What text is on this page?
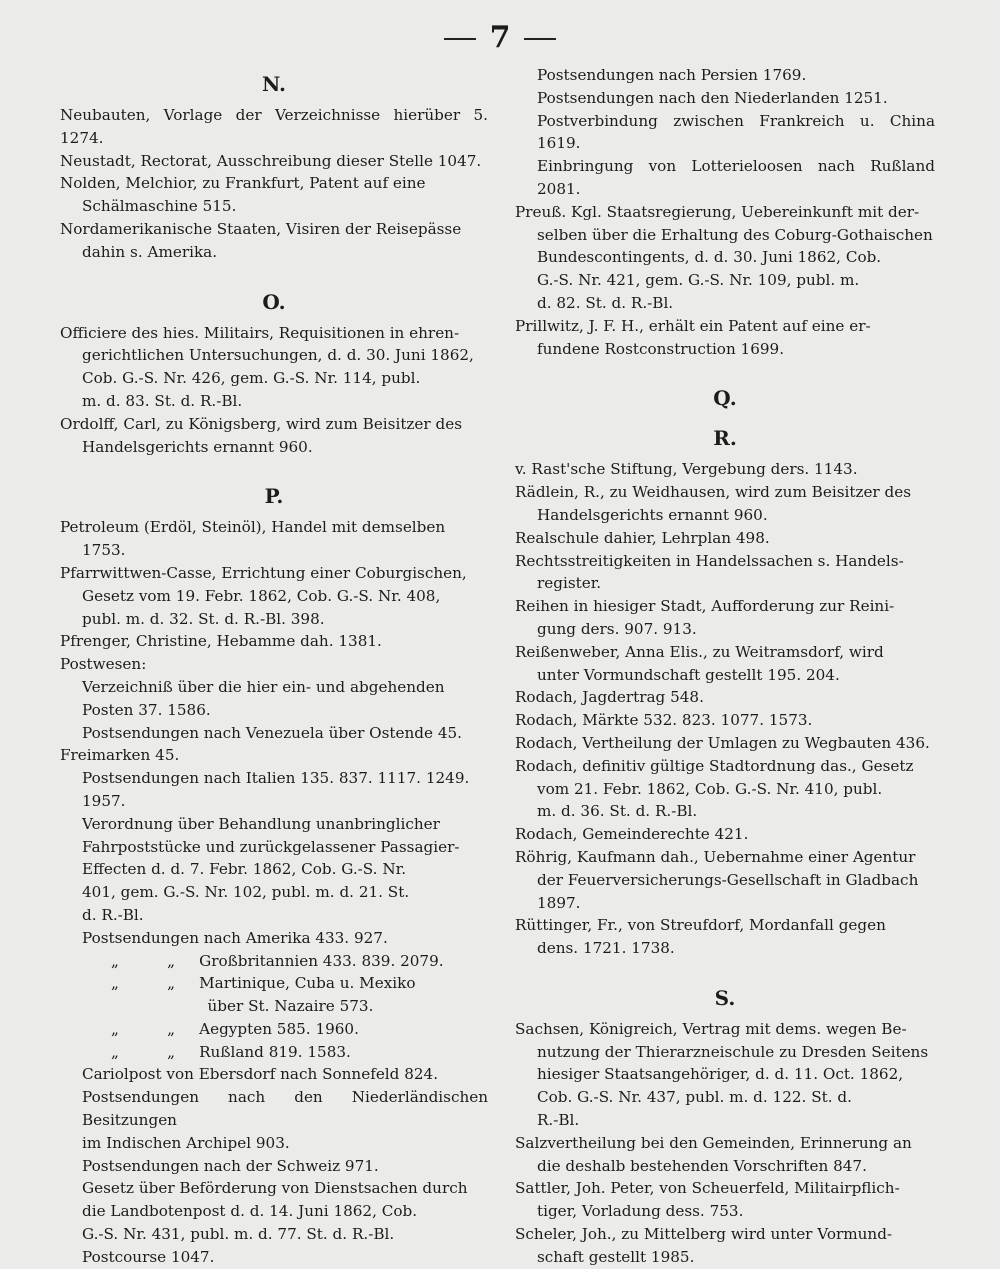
7
N.
Neubauten, Vorlage der Verzeichnisse hierüber 5. 1274.
Neustadt, Rectorat, Ausschreibung dieser Stelle 1047.
Nolden, Melchior, zu Frankfurt, Patent auf eine
Schälmaschine 515.
Nordamerikanische Staaten, Visiren der Reisepässe
dahin s. Amerika.
O.
Officiere des hies. Militairs, Requisitionen in ehren-
gerichtlichen Untersuchungen, d. d. 30. Juni 1862,
Cob. G.-S. Nr. 426, gem. G.-S. Nr. 114, publ.
m. d. 83. St. d. R.-Bl.
Ordolff, Carl, zu Königsberg, wird zum Beisitzer des
Handelsgerichts ernannt 960.
P.
Petroleum (Erdöl, Steinöl), Handel mit demselben
1753.
Pfarrwittwen-Casse, Errichtung einer Coburgischen,
Gesetz vom 19. Febr. 1862, Cob. G.-S. Nr. 408,
publ. m. d. 32. St. d. R.-Bl. 398.
Pfrenger, Christine, Hebamme dah. 1381.
Postwesen:
Verzeichniß über die hier ein- und abgehenden
Posten 37. 1586.
Postsendungen nach Venezuela über Ostende 45.
Freimarken 45.
Postsendungen nach Italien 135. 837. 1117. 1249.
1957.
Verordnung über Behandlung unanbringlicher
Fahrpoststücke und zurückgelassener Passagier-
Effecten d. d. 7. Febr. 1862, Cob. G.-S. Nr.
401, gem. G.-S. Nr. 102, publ. m. d. 21. St.
d. R.-Bl.
Postsendungen nach Amerika 433. 927.
„          „     Großbritannien 433. 839. 2079.
„          „     Martinique, Cuba u. Mexiko
über St. Nazaire 573.
„          „     Aegypten 585. 1960.
„          „     Rußland 819. 1583.
Cariolpost von Ebersdorf nach Sonnefeld 824.
Postsendungen nach den Niederländischen Besitzungen
im Indischen Archipel 903.
Postsendungen nach der Schweiz 971.
Gesetz über Beförderung von Dienstsachen durch
die Landbotenpost d. d. 14. Juni 1862, Cob.
G.-S. Nr. 431, publ. m. d. 77. St. d. R.-Bl.
Postcourse 1047.
Postsendungen nach Persien 1769.
Postsendungen nach den Niederlanden 1251.
Postverbindung zwischen Frankreich u. China 1619.
Einbringung von Lotterieloosen nach Rußland 2081.
Preuß. Kgl. Staatsregierung, Uebereinkunft mit der-
selben über die Erhaltung des Coburg-Gothaischen
Bundescontingents, d. d. 30. Juni 1862, Cob.
G.-S. Nr. 421, gem. G.-S. Nr. 109, publ. m.
d. 82. St. d. R.-Bl.
Prillwitz, J. F. H., erhält ein Patent auf eine er-
fundene Rostconstruction 1699.
Q.
R.
v. Rast'sche Stiftung, Vergebung ders. 1143.
Rädlein, R., zu Weidhausen, wird zum Beisitzer des
Handelsgerichts ernannt 960.
Realschule dahier, Lehrplan 498.
Rechtsstreitigkeiten in Handelssachen s. Handels-
register.
Reihen in hiesiger Stadt, Aufforderung zur Reini-
gung ders. 907. 913.
Reißenweber, Anna Elis., zu Weitramsdorf, wird
unter Vormundschaft gestellt 195. 204.
Rodach, Jagdertrag 548.
Rodach, Märkte 532. 823. 1077. 1573.
Rodach, Vertheilung der Umlagen zu Wegbauten 436.
Rodach, definitiv gültige Stadtordnung das., Gesetz
vom 21. Febr. 1862, Cob. G.-S. Nr. 410, publ.
m. d. 36. St. d. R.-Bl.
Rodach, Gemeinderechte 421.
Röhrig, Kaufmann dah., Uebernahme einer Agentur
der Feuerversicherungs-Gesellschaft in Gladbach
1897.
Rüttinger, Fr., von Streufdorf, Mordanfall gegen
dens. 1721. 1738.
S.
Sachsen, Königreich, Vertrag mit dems. wegen Be-
nutzung der Thierarzneischule zu Dresden Seitens
hiesiger Staatsangehöriger, d. d. 11. Oct. 1862,
Cob. G.-S. Nr. 437, publ. m. d. 122. St. d.
R.-Bl.
Salzvertheilung bei den Gemeinden, Erinnerung an
die deshalb bestehenden Vorschriften 847.
Sattler, Joh. Peter, von Scheuerfeld, Militairpflich-
tiger, Vorladung dess. 753.
Scheler, Joh., zu Mittelberg wird unter Vormund-
schaft gestellt 1985.
